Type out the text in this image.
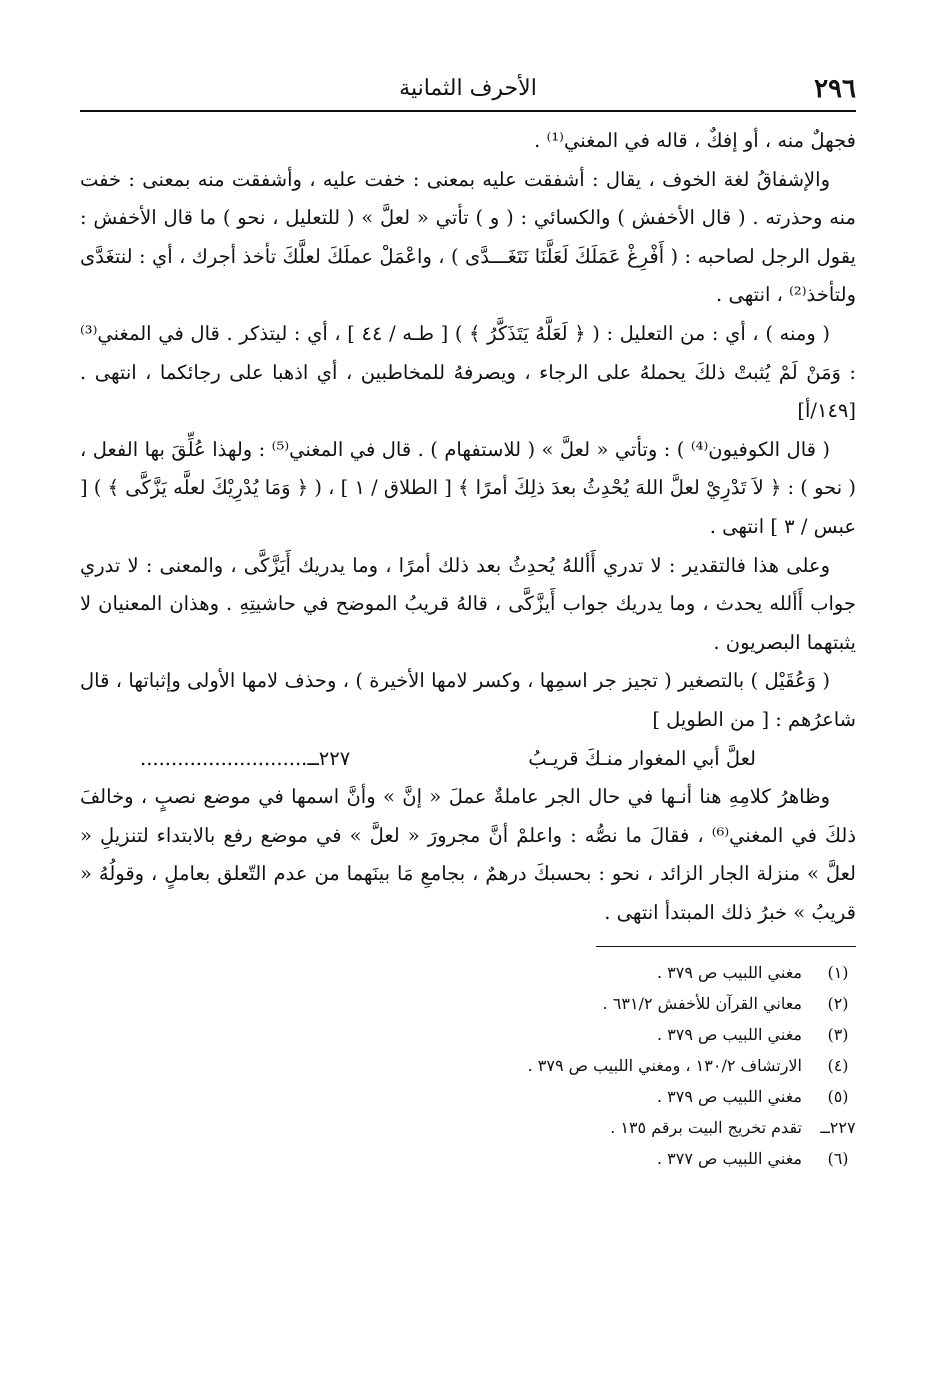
٢٩٦
الأحرف الثمانية

فجهلٌ منه ، أو إفكٌ ، قاله في المغني⁽¹⁾ .

والإشفاقُ لغة الخوف ، يقال : أشفقت عليه بمعنى : خفت عليه ، وأشفقت منه بمعنى : خفت منه وحذرته . ( قال الأخفش ) والكسائي : ( و ) تأتي « لعلَّ » ( للتعليل ، نحو ) ما قال الأخفش : يقول الرجل لصاحبه : ( أَفْرِغْ عَمَلَكَ لَعَلَّنَا نَتَغَـــدَّى ) ، واعْمَلْ عملَكَ لعلَّكَ تأخذ أجرك ، أي : لنتغَدَّى ولتأخذ⁽²⁾ ، انتهى .

( ومنه ) ، أي : من التعليل : ( ﴿ لَعَلَّهُ يَتَذَكَّرُ ﴾ ) [ طـه / ٤٤ ] ، أي : ليتذكر . قال في المغني⁽³⁾ : وَمَنْ لَمْ يُثبتْ ذلكَ يحملهُ على الرجاء ، ويصرفهُ للمخاطبين ، أي اذهبا على رجائكما ، انتهى . [١٤٩/أ]

( قال الكوفيون⁽⁴⁾ ) : وتأتي « لعلَّ » ( للاستفهام ) . قال في المغني⁽⁵⁾ : ولهذا عُلِّقَ بها الفعل ، ( نحو ) : ﴿ لاَ تَدْرِيْ لعلَّ اللهَ يُحْدِثُ بعدَ ذلِكَ أمرًا ﴾ [ الطلاق / ١ ] ، ( ﴿ وَمَا يُدْرِيْكَ لعلَّه يَزَّكَّى ﴾ ) [ عبس / ٣ ] انتهى .

وعلى هذا فالتقدير : لا تدري أَأللهُ يُحدِثُ بعد ذلك أمرًا ، وما يدريك أَيَزَّكَّى ، والمعنى : لا تدري جواب أَألله يحدث ، وما يدريك جواب أَيزَّكَّى ، قالهُ قريبُ الموضح في حاشيتِهِ . وهذان المعنيان لا يثبتهما البصريون .

( وَعُقَيْل ) بالتصغير ( تجيز جر اسمِها ، وكسر لامها الأخيرة ) ، وحذف لامها الأولى وإثباتها ، قال شاعرُهم : [ من الطويل ]

لعلَّ أبي المغوار منـكَ قريـبُ
٢٢٧ــ...........................

وظاهرُ كلامِهِ هنا أنـها في حال الجر عاملةٌ عملَ « إنَّ » وأنَّ اسمها في موضع نصبٍ ، وخالفَ ذلكَ في المغني⁽⁶⁾ ، فقالَ ما نصُّه : واعلمْ أنَّ مجرورَ « لعلَّ » في موضع رفع بالابتداء لتنزيلِ « لعلَّ » منزلة الجار الزائد ، نحو : بحسبكَ درهمٌ ، بجامعِ مَا بينَهما من عدم التّعلق بعاملٍ ، وقولُهُ « قريبُ » خبرُ ذلك المبتدأ انتهى .

(١)
مغني اللبيب ص ٣٧٩ .
(٢)
معاني القرآن للأخفش ٦٣١/٢ .
(٣)
مغني اللبيب ص ٣٧٩ .
(٤)
الارتشاف ١٣٠/٢ ، ومغني اللبيب ص ٣٧٩ .
(٥)
مغني اللبيب ص ٣٧٩ .
٢٢٧ــ
تقدم تخريج البيت برقم ١٣٥ .
(٦)
مغني اللبيب ص ٣٧٧ .
